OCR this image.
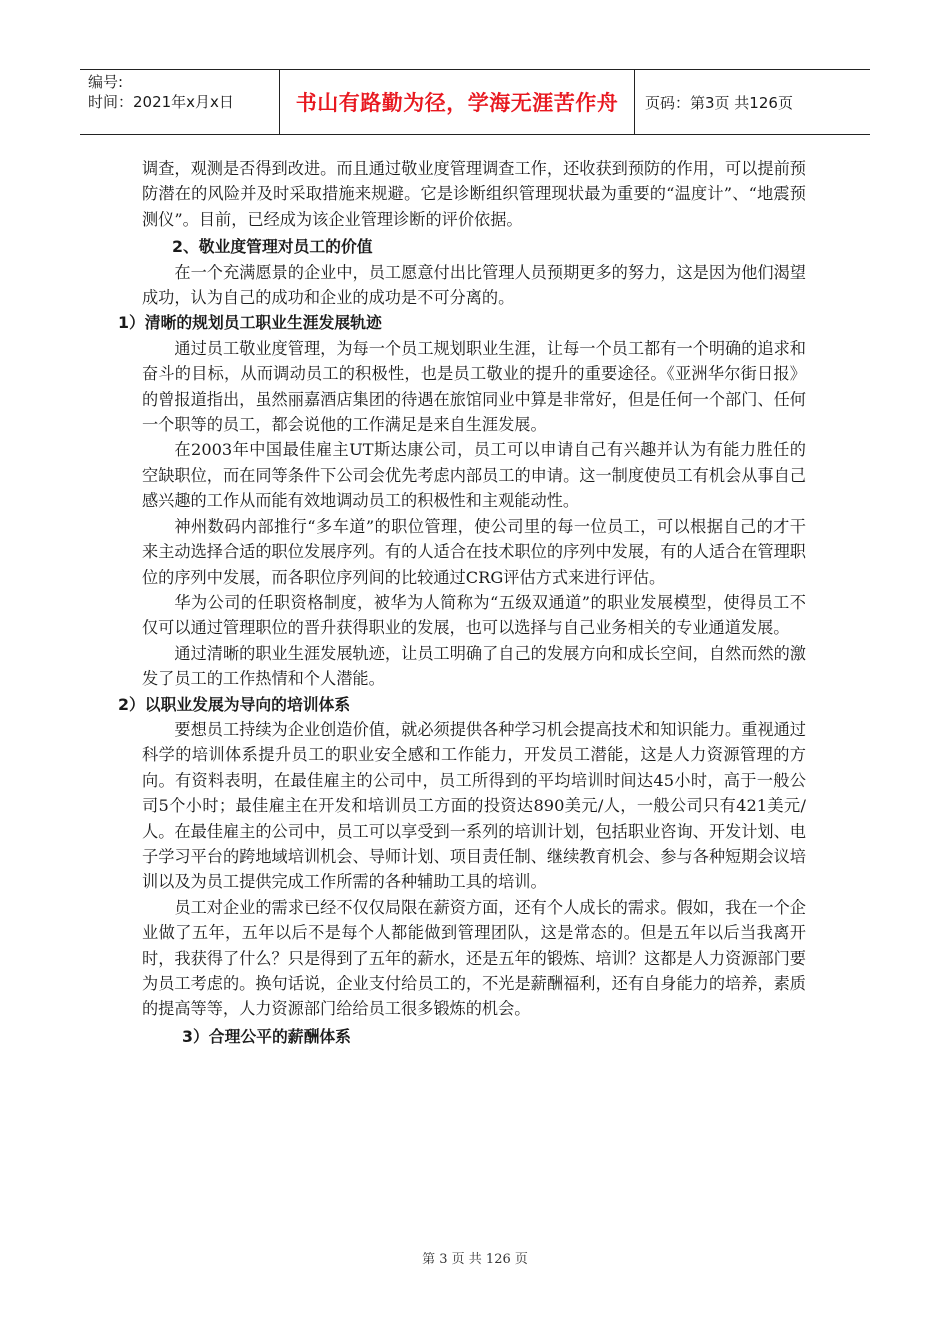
编号:
时间：2021年x月x日	书山有路勤为径，学海无涯苦作舟	页码：第3页 共126页

调查，观测是否得到改进。而且通过敬业度管理调查工作，还收获到预防的作用，可以提前预防潜在的风险并及时采取措施来规避。它是诊断组织管理现状最为重要的“温度计”、“地震预测仪”。目前，已经成为该企业管理诊断的评价依据。

2、敬业度管理对员工的价值

在一个充满愿景的企业中，员工愿意付出比管理人员预期更多的努力，这是因为他们渴望成功，认为自己的成功和企业的成功是不可分离的。

1）清晰的规划员工职业生涯发展轨迹

通过员工敬业度管理，为每一个员工规划职业生涯，让每一个员工都有一个明确的追求和奋斗的目标，从而调动员工的积极性，也是员工敬业的提升的重要途径。《亚洲华尔街日报》的曾报道指出，虽然丽嘉酒店集团的待遇在旅馆同业中算是非常好，但是任何一个部门、任何一个职等的员工，都会说他的工作满足是来自生涯发展。

在2003年中国最佳雇主UT斯达康公司，员工可以申请自己有兴趣并认为有能力胜任的空缺职位，而在同等条件下公司会优先考虑内部员工的申请。这一制度使员工有机会从事自己感兴趣的工作从而能有效地调动员工的积极性和主观能动性。

神州数码内部推行“多车道”的职位管理，使公司里的每一位员工，可以根据自己的才干来主动选择合适的职位发展序列。有的人适合在技术职位的序列中发展，有的人适合在管理职位的序列中发展，而各职位序列间的比较通过CRG评估方式来进行评估。

华为公司的任职资格制度，被华为人简称为“五级双通道”的职业发展模型，使得员工不仅可以通过管理职位的晋升获得职业的发展，也可以选择与自己业务相关的专业通道发展。

通过清晰的职业生涯发展轨迹，让员工明确了自己的发展方向和成长空间，自然而然的激发了员工的工作热情和个人潜能。

2）以职业发展为导向的培训体系

要想员工持续为企业创造价值，就必须提供各种学习机会提高技术和知识能力。重视通过科学的培训体系提升员工的职业安全感和工作能力，开发员工潜能，这是人力资源管理的方向。有资料表明，在最佳雇主的公司中，员工所得到的平均培训时间达45小时，高于一般公司5个小时；最佳雇主在开发和培训员工方面的投资达890美元/人，一般公司只有421美元/人。在最佳雇主的公司中，员工可以享受到一系列的培训计划，包括职业咨询、开发计划、电子学习平台的跨地域培训机会、导师计划、项目责任制、继续教育机会、参与各种短期会议培训以及为员工提供完成工作所需的各种辅助工具的培训。

员工对企业的需求已经不仅仅局限在薪资方面，还有个人成长的需求。假如，我在一个企业做了五年，五年以后不是每个人都能做到管理团队，这是常态的。但是五年以后当我离开时，我获得了什么？只是得到了五年的薪水，还是五年的锻炼、培训？这都是人力资源部门要为员工考虑的。换句话说，企业支付给员工的，不光是薪酬福利，还有自身能力的培养，素质的提高等等，人力资源部门给给员工很多锻炼的机会。

3）合理公平的薪酬体系

第 3 页 共 126 页
